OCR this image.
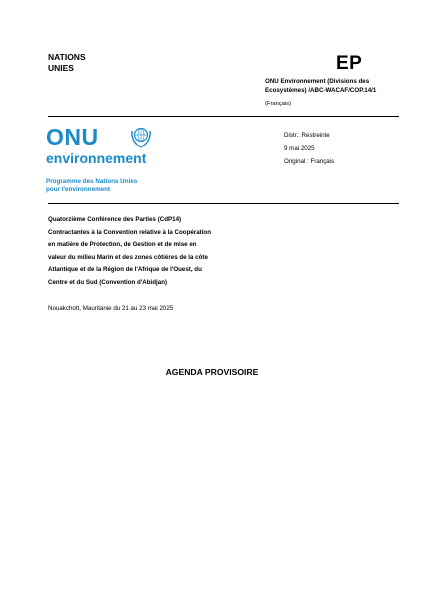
NATIONS
UNIES	EP
ONU Environnement (Divisions des
Ecosystèmes) /ABC-WACAF/COP.14/1
(Français)
ONU
environnement
Programme des Nations Unies
pour l'environnement
Distr.: Restreinte
9 mai 2025
Original : Français
Quatorzième Conférence des Parties (CdP14)
Contractantes à la Convention relative à la Coopération
en matière de Protection, de Gestion et de mise en
valeur du milieu Marin et des zones côtières de la côte
Atlantique et de la Région de l'Afrique de l'Ouest, du
Centre et du Sud (Convention d'Abidjan)
Nouakchott, Mauritanie du 21 au 23 mai 2025
AGENDA PROVISOIRE
